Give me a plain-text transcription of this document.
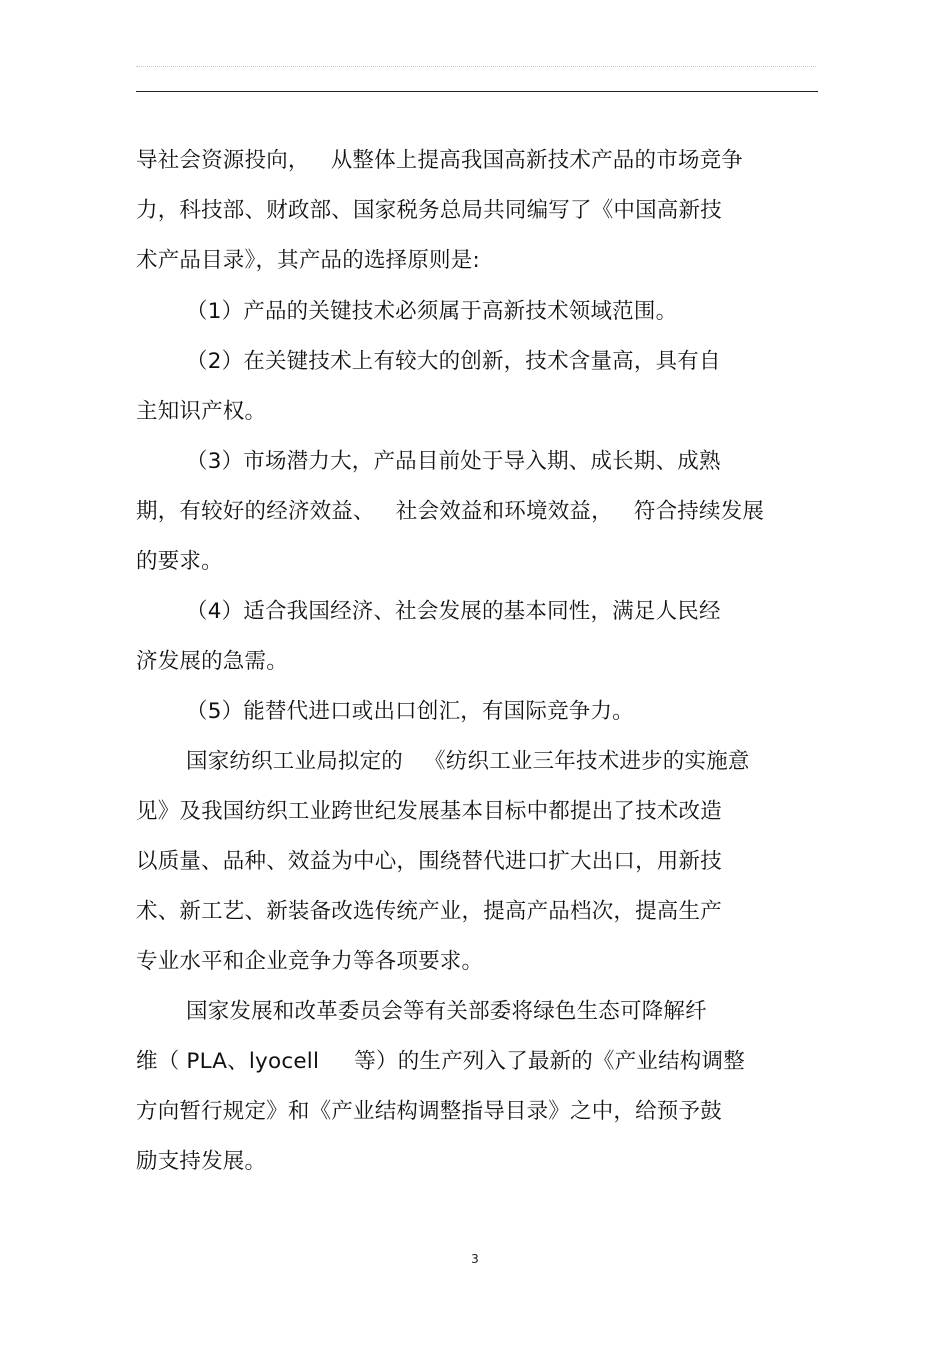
导社会资源投向，   从整体上提高我国高新技术产品的市场竞争
力，科技部、财政部、国家税务总局共同编写了《中国高新技
术产品目录》，其产品的选择原则是:
（1）产品的关键技术必须属于高新技术领域范围。
（2）在关键技术上有较大的创新，技术含量高，具有自
主知识产权。
（3）市场潜力大，产品目前处于导入期、成长期、成熟
期，有较好的经济效益、   社会效益和环境效益，   符合持续发展
的要求。
（4）适合我国经济、社会发展的基本同性，满足人民经
济发展的急需。
（5）能替代进口或出口创汇，有国际竞争力。
国家纺织工业局拟定的   《纺织工业三年技术进步的实施意
见》及我国纺织工业跨世纪发展基本目标中都提出了技术改造
以质量、品种、效益为中心，围绕替代进口扩大出口，用新技
术、新工艺、新装备改选传统产业，提高产品档次，提高生产
专业水平和企业竞争力等各项要求。
国家发展和改革委员会等有关部委将绿色生态可降解纤
维（ PLA、lyocell     等）的生产列入了最新的《产业结构调整
方向暂行规定》和《产业结构调整指导目录》之中，给预予鼓
励支持发展。
3
